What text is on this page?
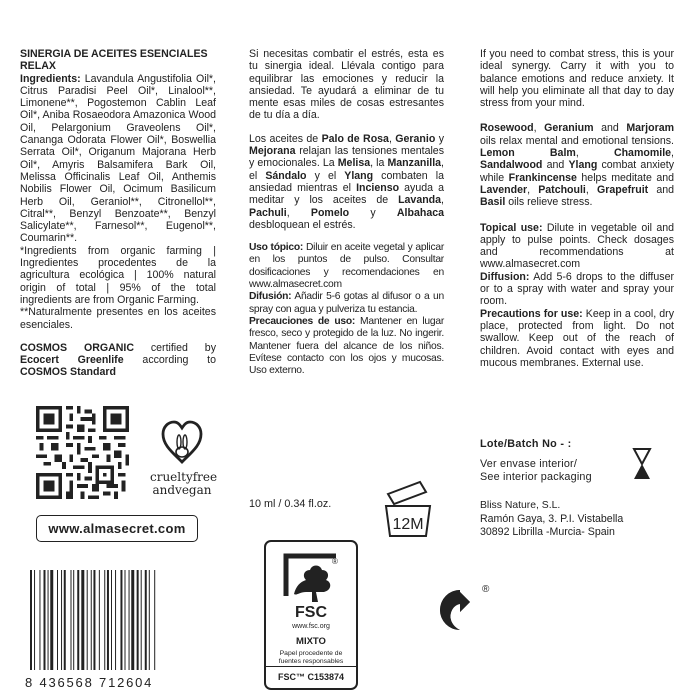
SINERGIA DE ACEITES ESENCIALES
RELAX

Ingredients: Lavandula Angustifolia Oil*, Citrus Paradisi Peel Oil*, Linalool**, Limonene**, Pogostemon Cablin Leaf Oil*, Aniba Rosaeodora Amazonica Wood Oil, Pelargonium Graveolens Oil*, Cananga Odorata Flower Oil*, Boswellia Serrata Oil*, Origanum Majorana Herb Oil*, Amyris Balsamifera Bark Oil, Melissa Officinalis Leaf Oil, Anthemis Nobilis Flower Oil, Ocimum Basilicum Herb Oil, Geraniol**, Citronellol**, Citral**, Benzyl Benzoate**, Benzyl Salicylate**, Farnesol**, Eugenol**, Coumarin**.

*Ingredients from organic farming | Ingredientes procedentes de la agricultura ecológica | 100% natural origin of total | 95% of the total ingredients are from Organic Farming.

**Naturalmente presentes en los aceites esenciales.

COSMOS ORGANIC certified by Ecocert Greenlife according to COSMOS Standard

crueltyfree
andvegan
www.almasecret.com
8 436568 712604

Si necesitas combatir el estrés, esta es tu sinergia ideal. Llévala contigo para equilibrar las emociones y reducir la ansiedad. Te ayudará a eliminar de tu mente esas miles de cosas estresantes de tu día a día.

Los aceites de Palo de Rosa, Geranio y Mejorana relajan las tensiones mentales y emocionales. La Melisa, la Manzanilla, el Sándalo y el Ylang combaten la ansiedad mientras el Incienso ayuda a meditar y los aceites de Lavanda, Pachuli, Pomelo y Albahaca desbloquean el estrés.

Uso tópico: Diluir en aceite vegetal y aplicar en los puntos de pulso. Consultar dosificaciones y recomendaciones en www.almasecret.com

Difusión: Añadir 5-6 gotas al difusor o a un spray con agua y pulveriza tu estancia.

Precauciones de uso: Mantener en lugar fresco, seco y protegido de la luz. No ingerir. Mantener fuera del alcance de los niños. Evítese contacto con los ojos y mucosas. Uso externo.

10 ml / 0.34 fl.oz.
12M
®
FSC
www.fsc.org
MIXTO
Papel procedente de
fuentes responsables
FSC™ C153874

If you need to combat stress, this is your ideal synergy. Carry it with you to balance emotions and reduce anxiety. It will help you eliminate all that day to day stress from your mind.

Rosewood, Geranium and Marjoram oils relax mental and emotional tensions. Lemon Balm, Chamomile, Sandalwood and Ylang combat anxiety while Frankincense helps meditate and Lavender, Patchouli, Grapefruit and Basil oils relieve stress.

Topical use: Dilute in vegetable oil and apply to pulse points. Check dosages and recommendations at www.almasecret.com

Diffusion: Add 5-6 drops to the diffuser or to a spray with water and spray your room.

Precautions for use: Keep in a cool, dry place, protected from light. Do not swallow. Keep out of the reach of children. Avoid contact with eyes and mucous membranes. External use.

Lote/Batch No - :
Ver envase interior/
See interior packaging
Bliss Nature, S.L.
Ramón Gaya, 3. P.I. Vistabella
30892 Librilla -Murcia- Spain
®
